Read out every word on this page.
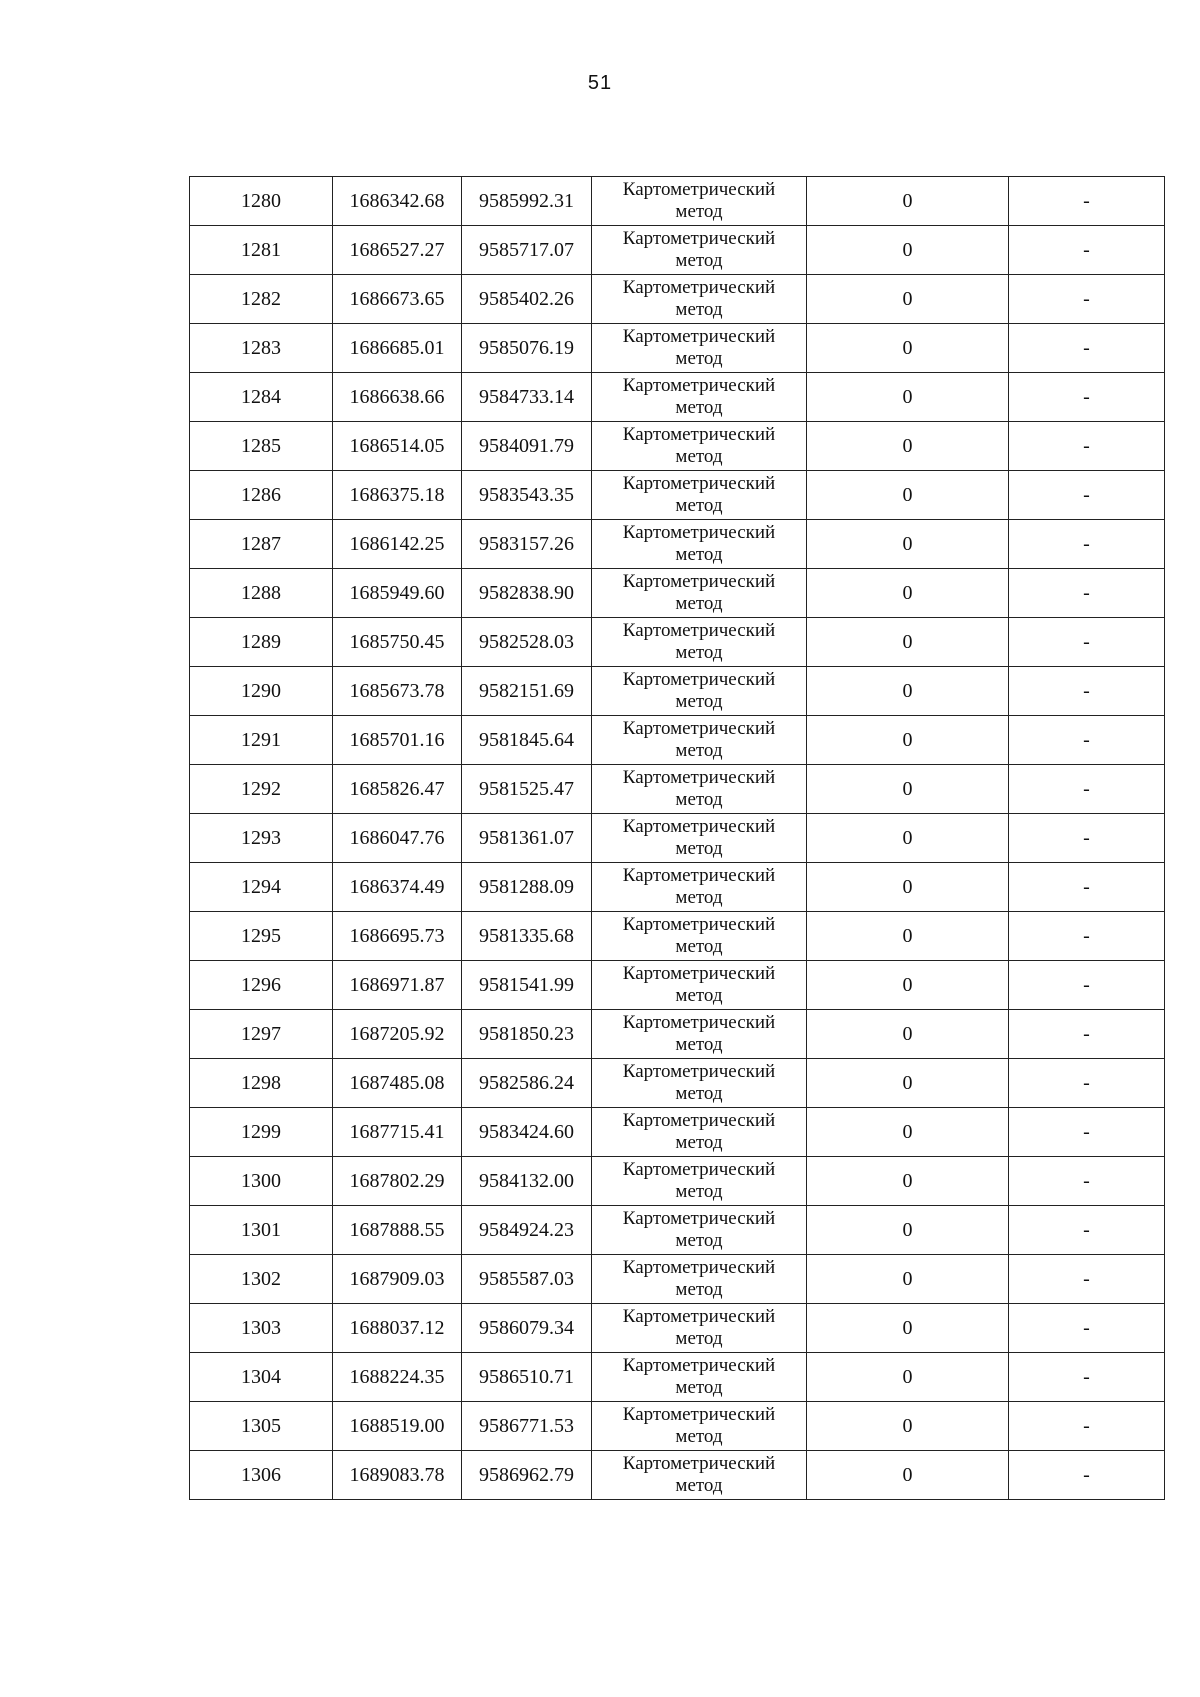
51
1280	1686342.68	9585992.31	Картометрический
метод	0	-
1281	1686527.27	9585717.07	Картометрический
метод	0	-
1282	1686673.65	9585402.26	Картометрический
метод	0	-
1283	1686685.01	9585076.19	Картометрический
метод	0	-
1284	1686638.66	9584733.14	Картометрический
метод	0	-
1285	1686514.05	9584091.79	Картометрический
метод	0	-
1286	1686375.18	9583543.35	Картометрический
метод	0	-
1287	1686142.25	9583157.26	Картометрический
метод	0	-
1288	1685949.60	9582838.90	Картометрический
метод	0	-
1289	1685750.45	9582528.03	Картометрический
метод	0	-
1290	1685673.78	9582151.69	Картометрический
метод	0	-
1291	1685701.16	9581845.64	Картометрический
метод	0	-
1292	1685826.47	9581525.47	Картометрический
метод	0	-
1293	1686047.76	9581361.07	Картометрический
метод	0	-
1294	1686374.49	9581288.09	Картометрический
метод	0	-
1295	1686695.73	9581335.68	Картометрический
метод	0	-
1296	1686971.87	9581541.99	Картометрический
метод	0	-
1297	1687205.92	9581850.23	Картометрический
метод	0	-
1298	1687485.08	9582586.24	Картометрический
метод	0	-
1299	1687715.41	9583424.60	Картометрический
метод	0	-
1300	1687802.29	9584132.00	Картометрический
метод	0	-
1301	1687888.55	9584924.23	Картометрический
метод	0	-
1302	1687909.03	9585587.03	Картометрический
метод	0	-
1303	1688037.12	9586079.34	Картометрический
метод	0	-
1304	1688224.35	9586510.71	Картометрический
метод	0	-
1305	1688519.00	9586771.53	Картометрический
метод	0	-
1306	1689083.78	9586962.79	Картометрический
метод	0	-
